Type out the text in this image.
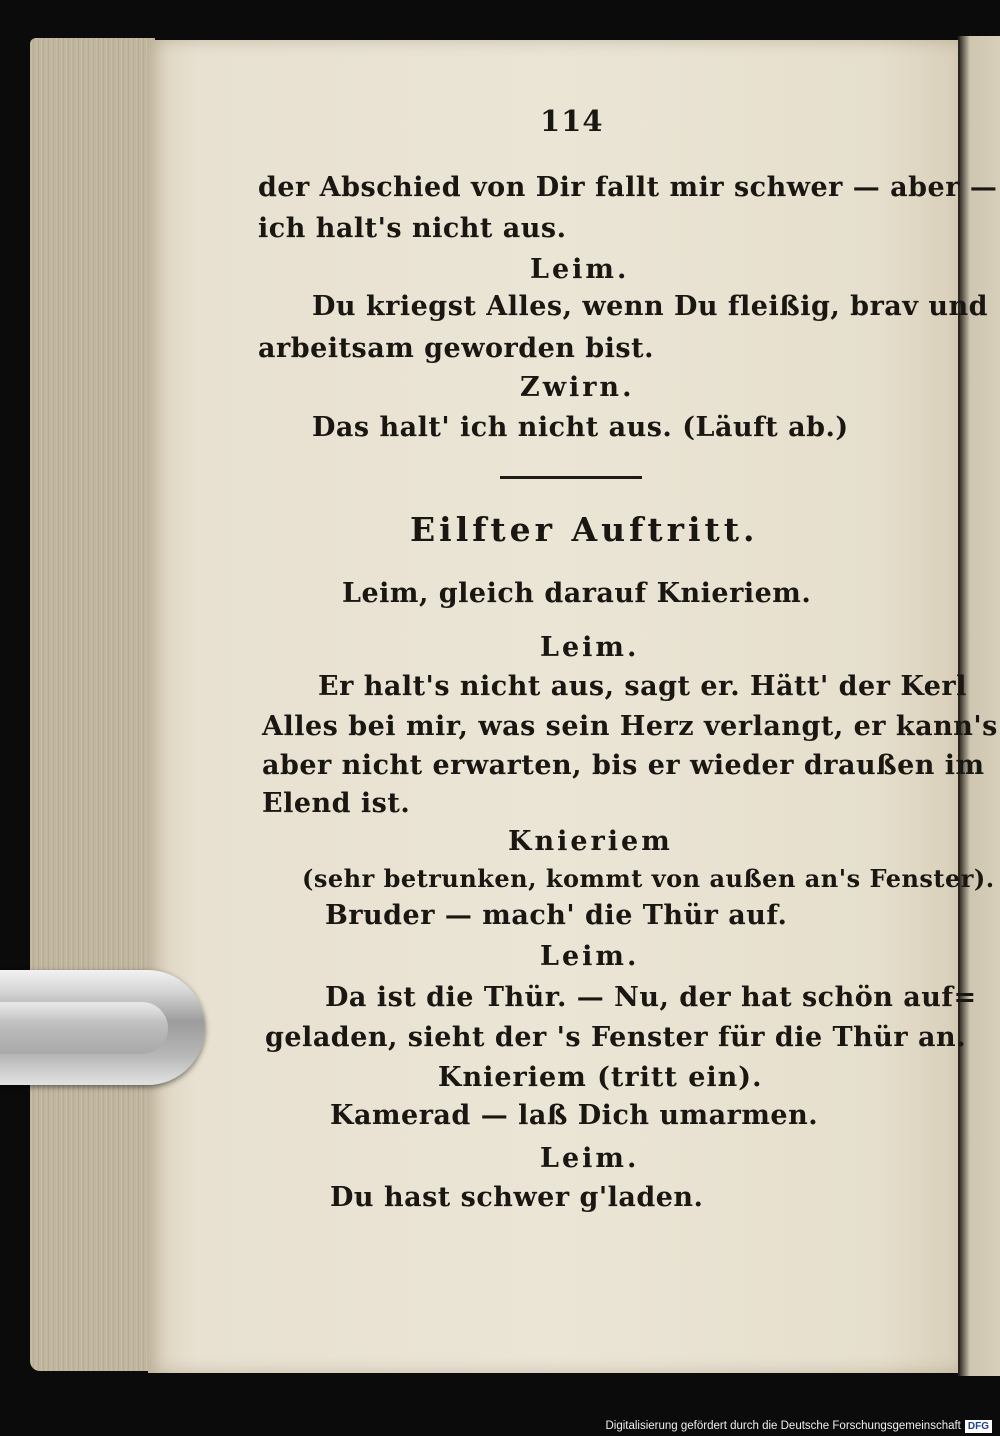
114
der Abschied von Dir fallt mir schwer — aber —
ich halt's nicht aus.
Leim.
Du kriegst Alles, wenn Du fleißig, brav und
arbeitsam geworden bist.
Zwirn.
Das halt' ich nicht aus. (Läuft ab.)
Eilfter Auftritt.
Leim, gleich darauf Knieriem.
Leim.
Er halt's nicht aus, sagt er. Hätt' der Kerl
Alles bei mir, was sein Herz verlangt, er kann's
aber nicht erwarten, bis er wieder draußen im
Elend ist.
Knieriem
(sehr betrunken, kommt von außen an's Fenster).
Bruder — mach' die Thür auf.
Leim.
Da ist die Thür. — Nu, der hat schön auf=
geladen, sieht der 's Fenster für die Thür an.
Knieriem (tritt ein).
Kamerad — laß Dich umarmen.
Leim.
Du hast schwer g'laden.
Digitalisierung gefördert durch die Deutsche Forschungsgemeinschaft DFG
